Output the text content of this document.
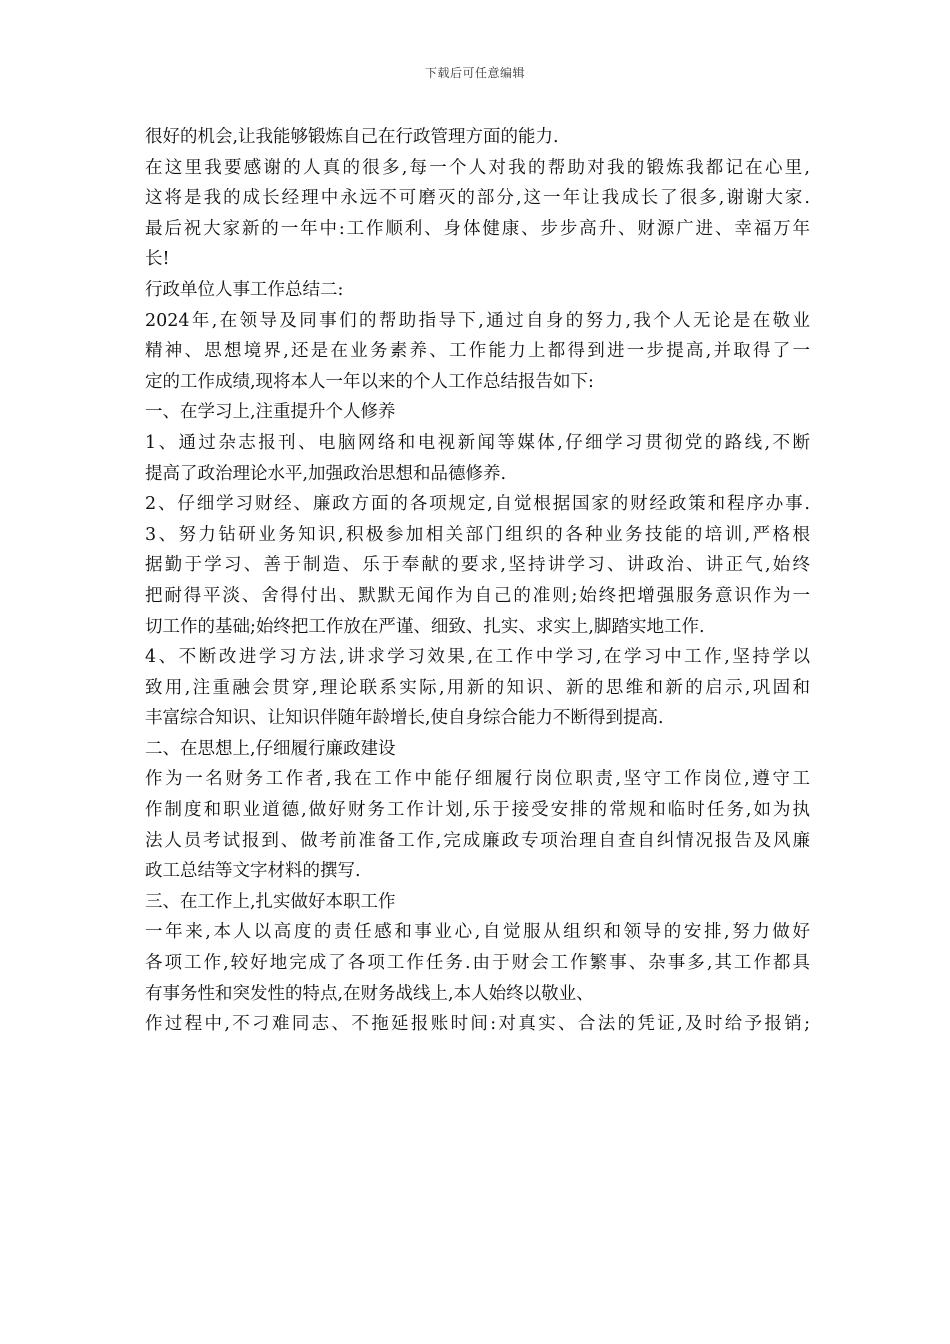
下载后可任意编辑
很好的机会,让我能够锻炼自己在行政管理方面的能力.
在这里我要感谢的人真的很多,每一个人对我的帮助对我的锻炼我都记在心里,
这将是我的成长经理中永远不可磨灭的部分,这一年让我成长了很多,谢谢大家.
最后祝大家新的一年中:工作顺利、身体健康、步步高升、财源广进、幸福万年
长!
行政单位人事工作总结二:
2024年,在领导及同事们的帮助指导下,通过自身的努力,我个人无论是在敬业
精神、思想境界,还是在业务素养、工作能力上都得到进一步提高,并取得了一
定的工作成绩,现将本人一年以来的个人工作总结报告如下:
一、在学习上,注重提升个人修养
1、通过杂志报刊、电脑网络和电视新闻等媒体,仔细学习贯彻党的路线,不断
提高了政治理论水平,加强政治思想和品德修养.
2、仔细学习财经、廉政方面的各项规定,自觉根据国家的财经政策和程序办事.
3、努力钻研业务知识,积极参加相关部门组织的各种业务技能的培训,严格根
据勤于学习、善于制造、乐于奉献的要求,坚持讲学习、讲政治、讲正气,始终
把耐得平淡、舍得付出、默默无闻作为自己的准则;始终把增强服务意识作为一
切工作的基础;始终把工作放在严谨、细致、扎实、求实上,脚踏实地工作.
4、不断改进学习方法,讲求学习效果,在工作中学习,在学习中工作,坚持学以
致用,注重融会贯穿,理论联系实际,用新的知识、新的思维和新的启示,巩固和
丰富综合知识、让知识伴随年龄增长,使自身综合能力不断得到提高.
二、在思想上,仔细履行廉政建设
作为一名财务工作者,我在工作中能仔细履行岗位职责,坚守工作岗位,遵守工
作制度和职业道德,做好财务工作计划,乐于接受安排的常规和临时任务,如为执
法人员考试报到、做考前准备工作,完成廉政专项治理自查自纠情况报告及风廉
政工总结等文字材料的撰写.
三、在工作上,扎实做好本职工作
一年来,本人以高度的责任感和事业心,自觉服从组织和领导的安排,努力做好
各项工作,较好地完成了各项工作任务.由于财会工作繁事、杂事多,其工作都具
有事务性和突发性的特点,在财务战线上,本人始终以敬业、
作过程中,不刁难同志、不拖延报账时间:对真实、合法的凭证,及时给予报销;
